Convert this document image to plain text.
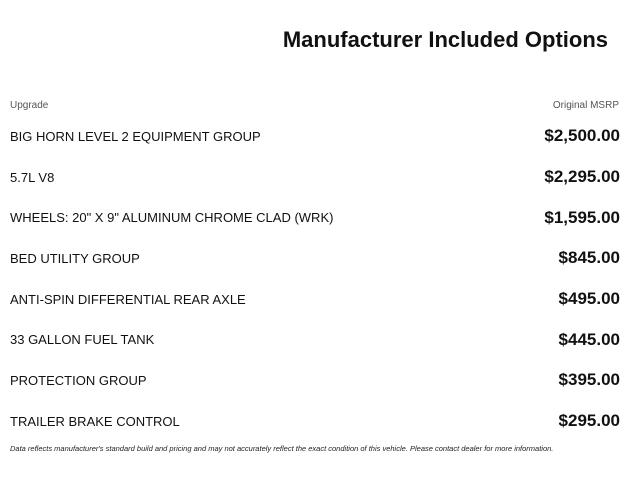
Manufacturer Included Options
Upgrade	Original MSRP
BIG HORN LEVEL 2 EQUIPMENT GROUP	$2,500.00
5.7L V8	$2,295.00
WHEELS: 20" X 9" ALUMINUM CHROME CLAD (WRK)	$1,595.00
BED UTILITY GROUP	$845.00
ANTI-SPIN DIFFERENTIAL REAR AXLE	$495.00
33 GALLON FUEL TANK	$445.00
PROTECTION GROUP	$395.00
TRAILER BRAKE CONTROL	$295.00
Data reflects manufacturer's standard build and pricing and may not accurately reflect the exact condition of this vehicle. Please contact dealer for more information.
